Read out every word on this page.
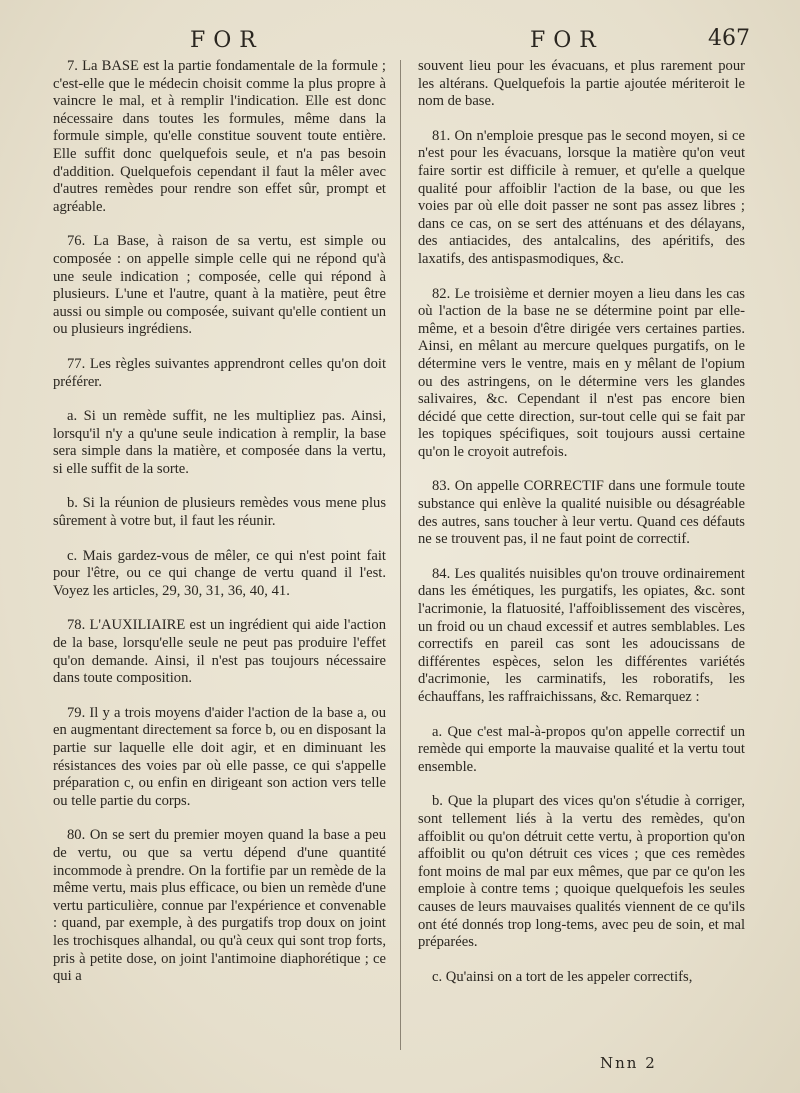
FOR	FOR	467

7. La BASE est la partie fondamentale de la formule ; c'est-elle que le médecin choisit comme la plus propre à vaincre le mal, et à remplir l'indication. Elle est donc nécessaire dans toutes les formules, même dans la formule simple, qu'elle constitue souvent toute entière. Elle suffit donc quelquefois seule, et n'a pas besoin d'addition. Quelquefois cependant il faut la mêler avec d'autres remèdes pour rendre son effet sûr, prompt et agréable.

76. La Base, à raison de sa vertu, est simple ou composée : on appelle simple celle qui ne répond qu'à une seule indication ; composée, celle qui répond à plusieurs. L'une et l'autre, quant à la matière, peut être aussi ou simple ou composée, suivant qu'elle contient un ou plusieurs ingrédiens.

77. Les règles suivantes apprendront celles qu'on doit préférer.

a. Si un remède suffit, ne les multipliez pas. Ainsi, lorsqu'il n'y a qu'une seule indication à remplir, la base sera simple dans la matière, et composée dans la vertu, si elle suffit de la sorte.

b. Si la réunion de plusieurs remèdes vous mene plus sûrement à votre but, il faut les réunir.

c. Mais gardez-vous de mêler, ce qui n'est point fait pour l'être, ou ce qui change de vertu quand il l'est. Voyez les articles, 29, 30, 31, 36, 40, 41.

78. L'AUXILIAIRE est un ingrédient qui aide l'action de la base, lorsqu'elle seule ne peut pas produire l'effet qu'on demande. Ainsi, il n'est pas toujours nécessaire dans toute composition.

79. Il y a trois moyens d'aider l'action de la base a, ou en augmentant directement sa force b, ou en disposant la partie sur laquelle elle doit agir, et en diminuant les résistances des voies par où elle passe, ce qui s'appelle préparation c, ou enfin en dirigeant son action vers telle ou telle partie du corps.

80. On se sert du premier moyen quand la base a peu de vertu, ou que sa vertu dépend d'une quantité incommode à prendre. On la fortifie par un remède de la même vertu, mais plus efficace, ou bien un remède d'une vertu particulière, connue par l'expérience et convenable : quand, par exemple, à des purgatifs trop doux on joint les trochisques alhandal, ou qu'à ceux qui sont trop forts, pris à petite dose, on joint l'antimoine diaphorétique ; ce qui a

souvent lieu pour les évacuans, et plus rarement pour les altérans. Quelquefois la partie ajoutée mériteroit le nom de base.

81. On n'emploie presque pas le second moyen, si ce n'est pour les évacuans, lorsque la matière qu'on veut faire sortir est difficile à remuer, et qu'elle a quelque qualité pour affoiblir l'action de la base, ou que les voies par où elle doit passer ne sont pas assez libres ; dans ce cas, on se sert des atténuans et des délayans, des antiacides, des antalcalins, des apéritifs, des laxatifs, des antispasmodiques, &c.

82. Le troisième et dernier moyen a lieu dans les cas où l'action de la base ne se détermine point par elle-même, et a besoin d'être dirigée vers certaines parties. Ainsi, en mêlant au mercure quelques purgatifs, on le détermine vers le ventre, mais en y mêlant de l'opium ou des astringens, on le détermine vers les glandes salivaires, &c. Cependant il n'est pas encore bien décidé que cette direction, sur-tout celle qui se fait par les topiques spécifiques, soit toujours aussi certaine qu'on le croyoit autrefois.

83. On appelle CORRECTIF dans une formule toute substance qui enlève la qualité nuisible ou désagréable des autres, sans toucher à leur vertu. Quand ces défauts ne se trouvent pas, il ne faut point de correctif.

84. Les qualités nuisibles qu'on trouve ordinairement dans les émétiques, les purgatifs, les opiates, &c. sont l'acrimonie, la flatuosité, l'affoiblissement des viscères, un froid ou un chaud excessif et autres semblables. Les correctifs en pareil cas sont les adoucissans de différentes espèces, selon les différentes variétés d'acrimonie, les carminatifs, les roboratifs, les échauffans, les raffraichissans, &c. Remarquez :

a. Que c'est mal-à-propos qu'on appelle correctif un remède qui emporte la mauvaise qualité et la vertu tout ensemble.

b. Que la plupart des vices qu'on s'étudie à corriger, sont tellement liés à la vertu des remèdes, qu'on affoiblit ou qu'on détruit cette vertu, à proportion qu'on affoiblit ou qu'on détruit ces vices ; que ces remèdes font moins de mal par eux mêmes, que par ce qu'on les emploie à contre tems ; quoique quelquefois les seules causes de leurs mauvaises qualités viennent de ce qu'ils ont été donnés trop long-tems, avec peu de soin, et mal préparées.

c. Qu'ainsi on a tort de les appeler correctifs,

Nnn 2
